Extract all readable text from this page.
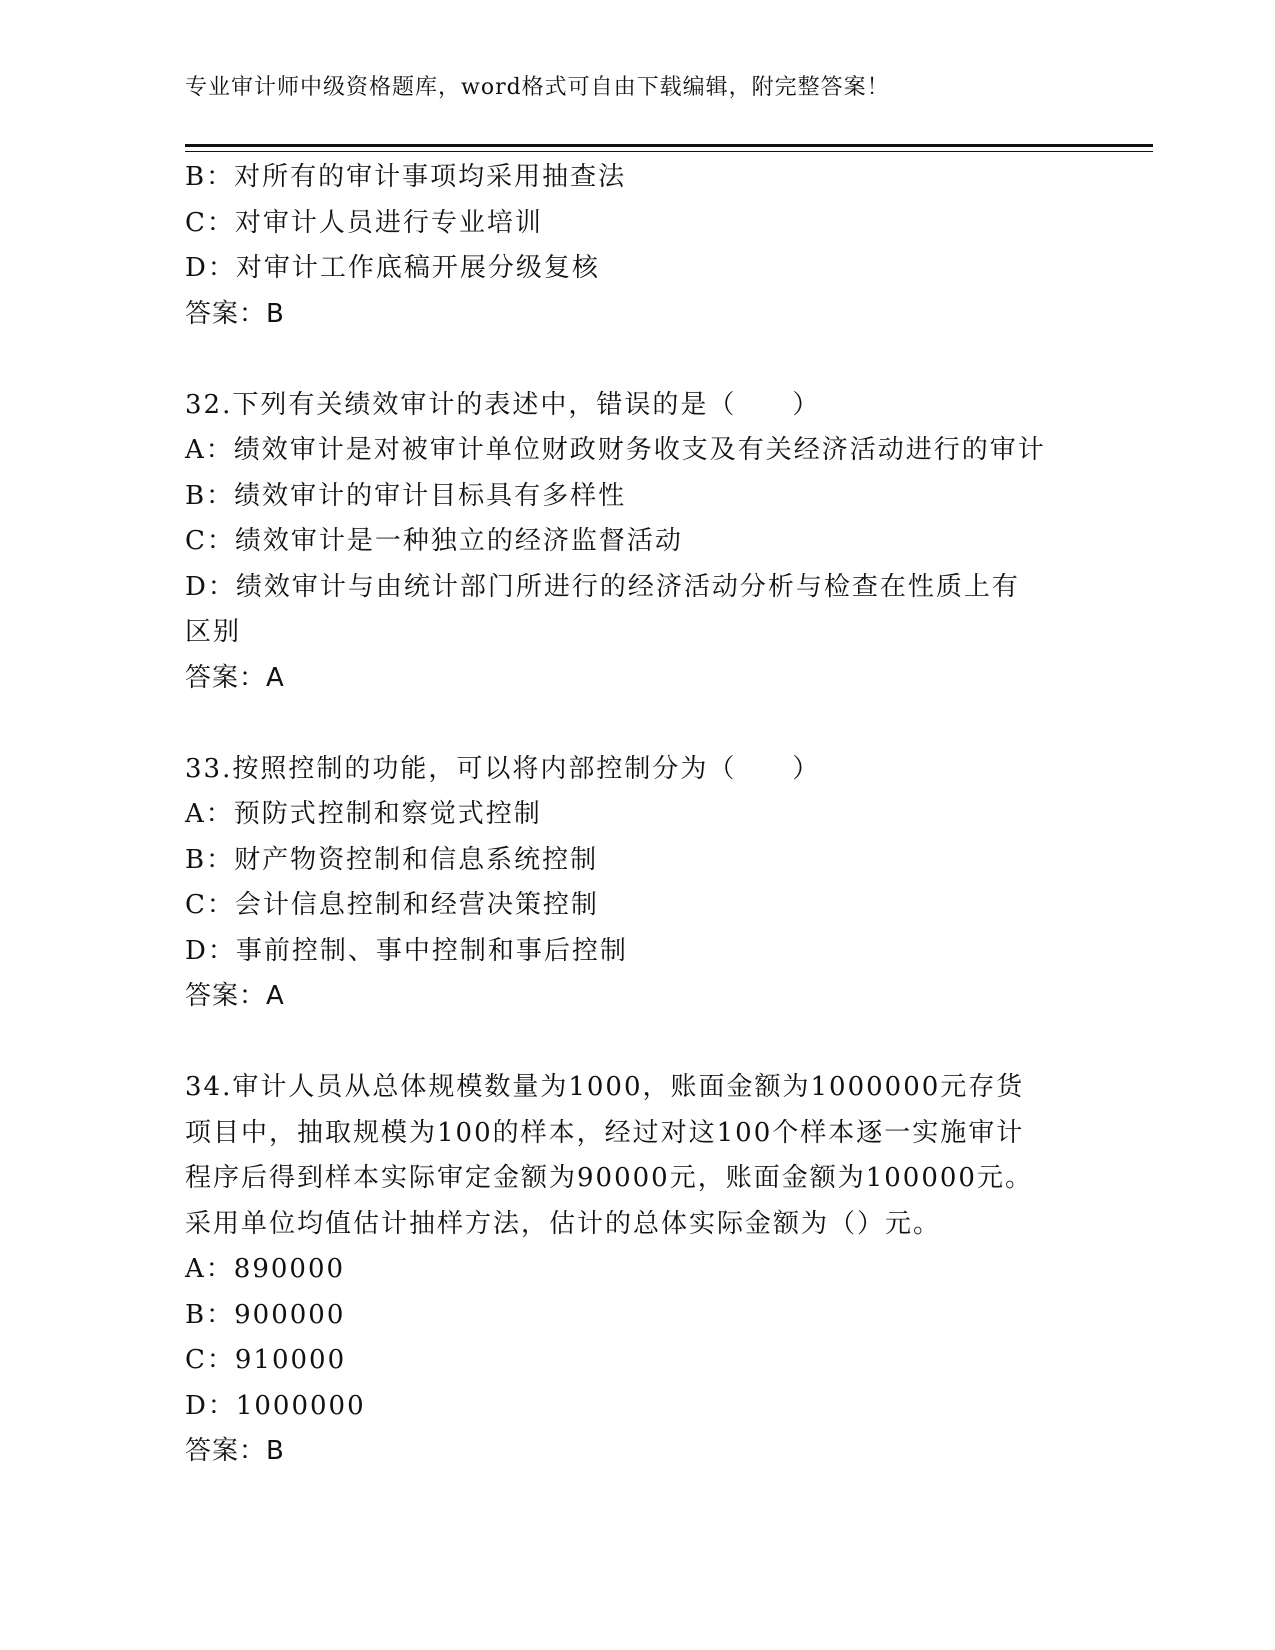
专业审计师中级资格题库，word格式可自由下载编辑，附完整答案！
B：对所有的审计事项均采用抽查法
C：对审计人员进行专业培训
D：对审计工作底稿开展分级复核
答案：B
32.下列有关绩效审计的表述中，错误的是（　　）
A：绩效审计是对被审计单位财政财务收支及有关经济活动进行的审计
B：绩效审计的审计目标具有多样性
C：绩效审计是一种独立的经济监督活动
D：绩效审计与由统计部门所进行的经济活动分析与检查在性质上有区别
答案：A
33.按照控制的功能，可以将内部控制分为（　　）
A：预防式控制和察觉式控制
B：财产物资控制和信息系统控制
C：会计信息控制和经营决策控制
D：事前控制、事中控制和事后控制
答案：A
34.审计人员从总体规模数量为1000，账面金额为1000000元存货项目中，抽取规模为100的样本，经过对这100个样本逐一实施审计程序后得到样本实际审定金额为90000元，账面金额为100000元。采用单位均值估计抽样方法，估计的总体实际金额为（）元。
A：890000
B：900000
C：910000
D：1000000
答案：B
